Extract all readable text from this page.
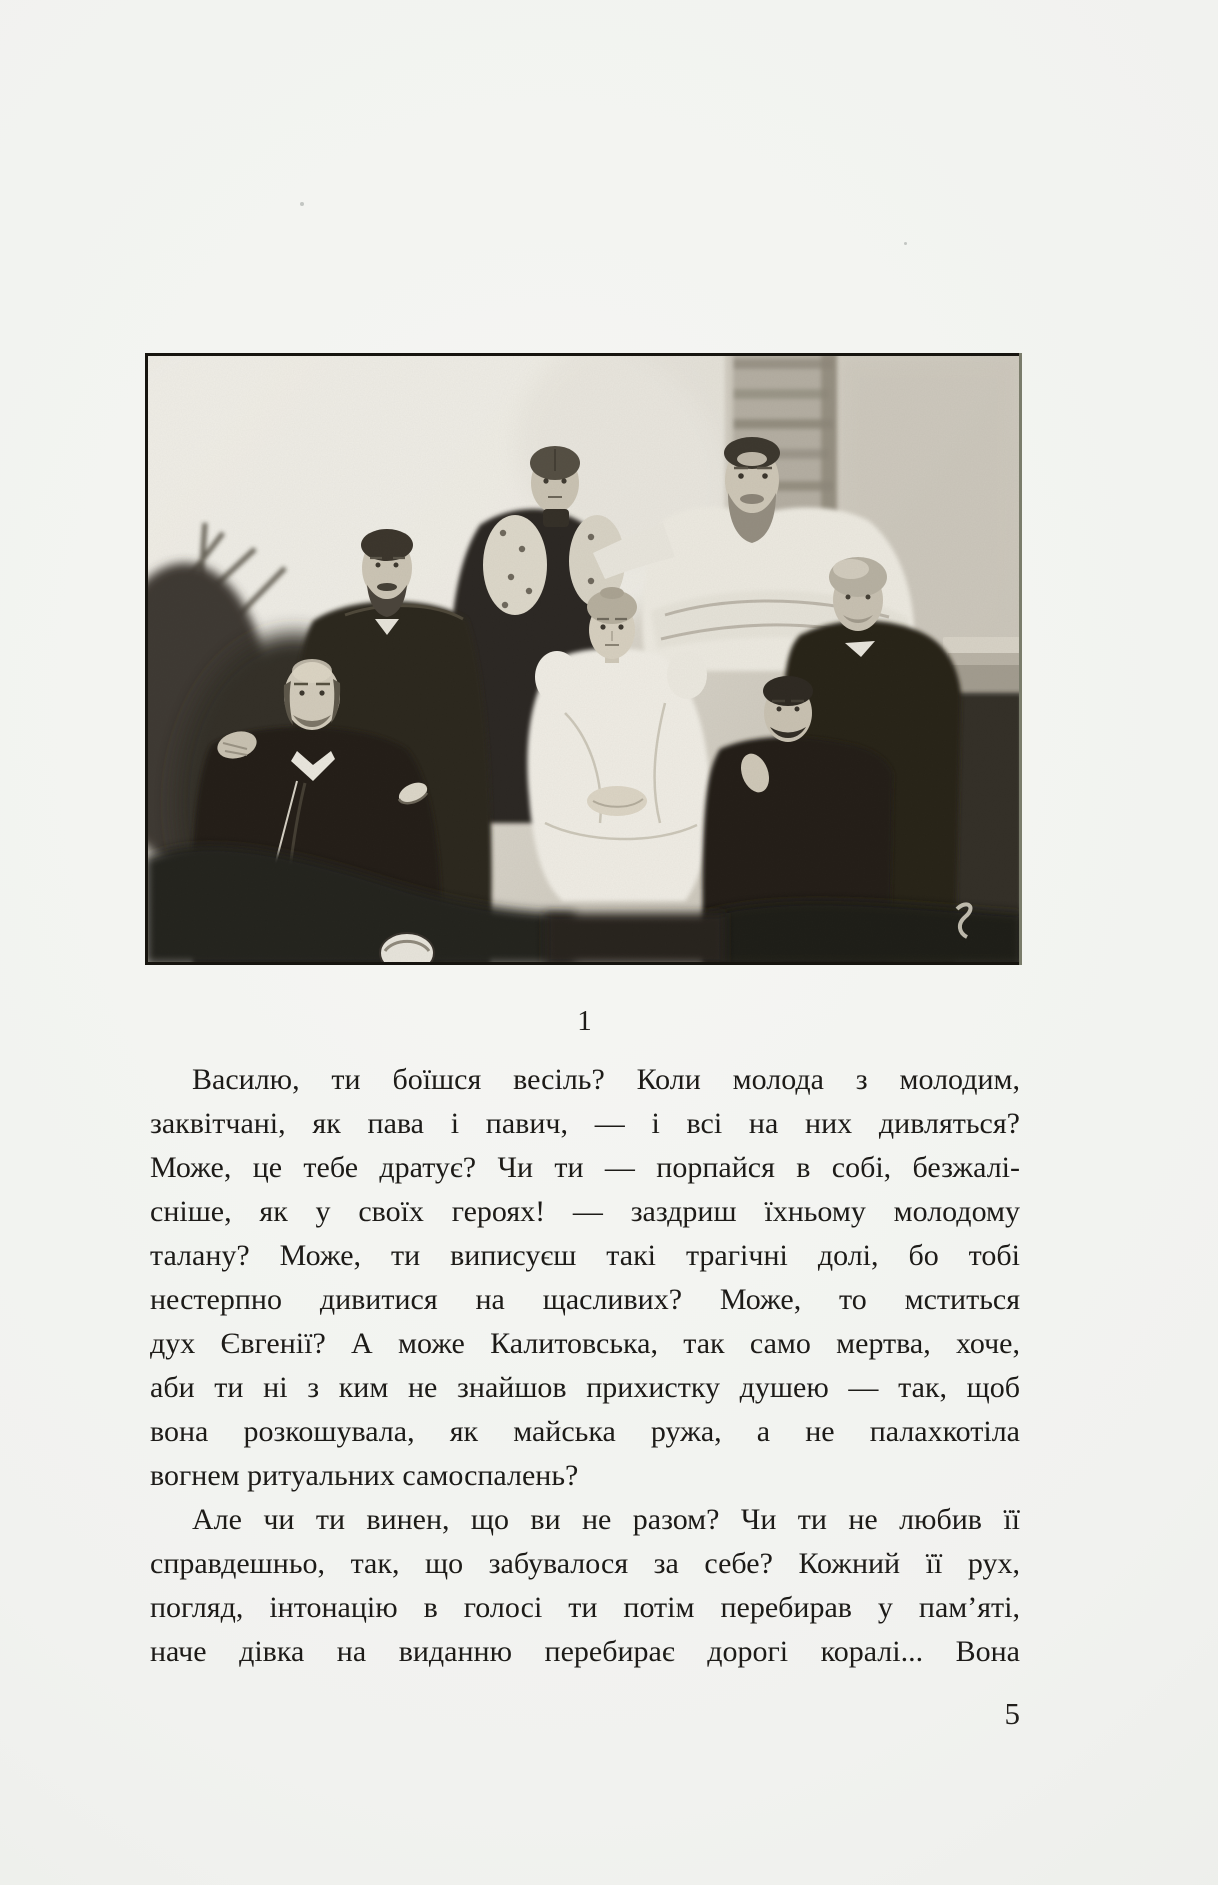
1
Василю, ти боїшся весіль? Коли молода з молодим,
заквітчані, як пава і павич, — і всі на них дивляться?
Може, це тебе дратує? Чи ти — порпайся в собі, безжалі-
сніше, як у своїх героях! — заздриш їхньому молодому
талану? Може, ти виписуєш такі трагічні долі, бо тобі
нестерпно дивитися на щасливих? Може, то мститься
дух Євгенії? А може Калитовська, так само мертва, хоче,
аби ти ні з ким не знайшов прихистку душею — так, щоб
вона розкошувала, як майська ружа, а не палахкотіла
вогнем ритуальних самоспалень?
Але чи ти винен, що ви не разом? Чи ти не любив її
справдешньо, так, що забувалося за себе? Кожний її рух,
погляд, інтонацію в голосі ти потім перебирав у пам’яті,
наче дівка на виданню перебирає дорогі коралі... Вона
5
